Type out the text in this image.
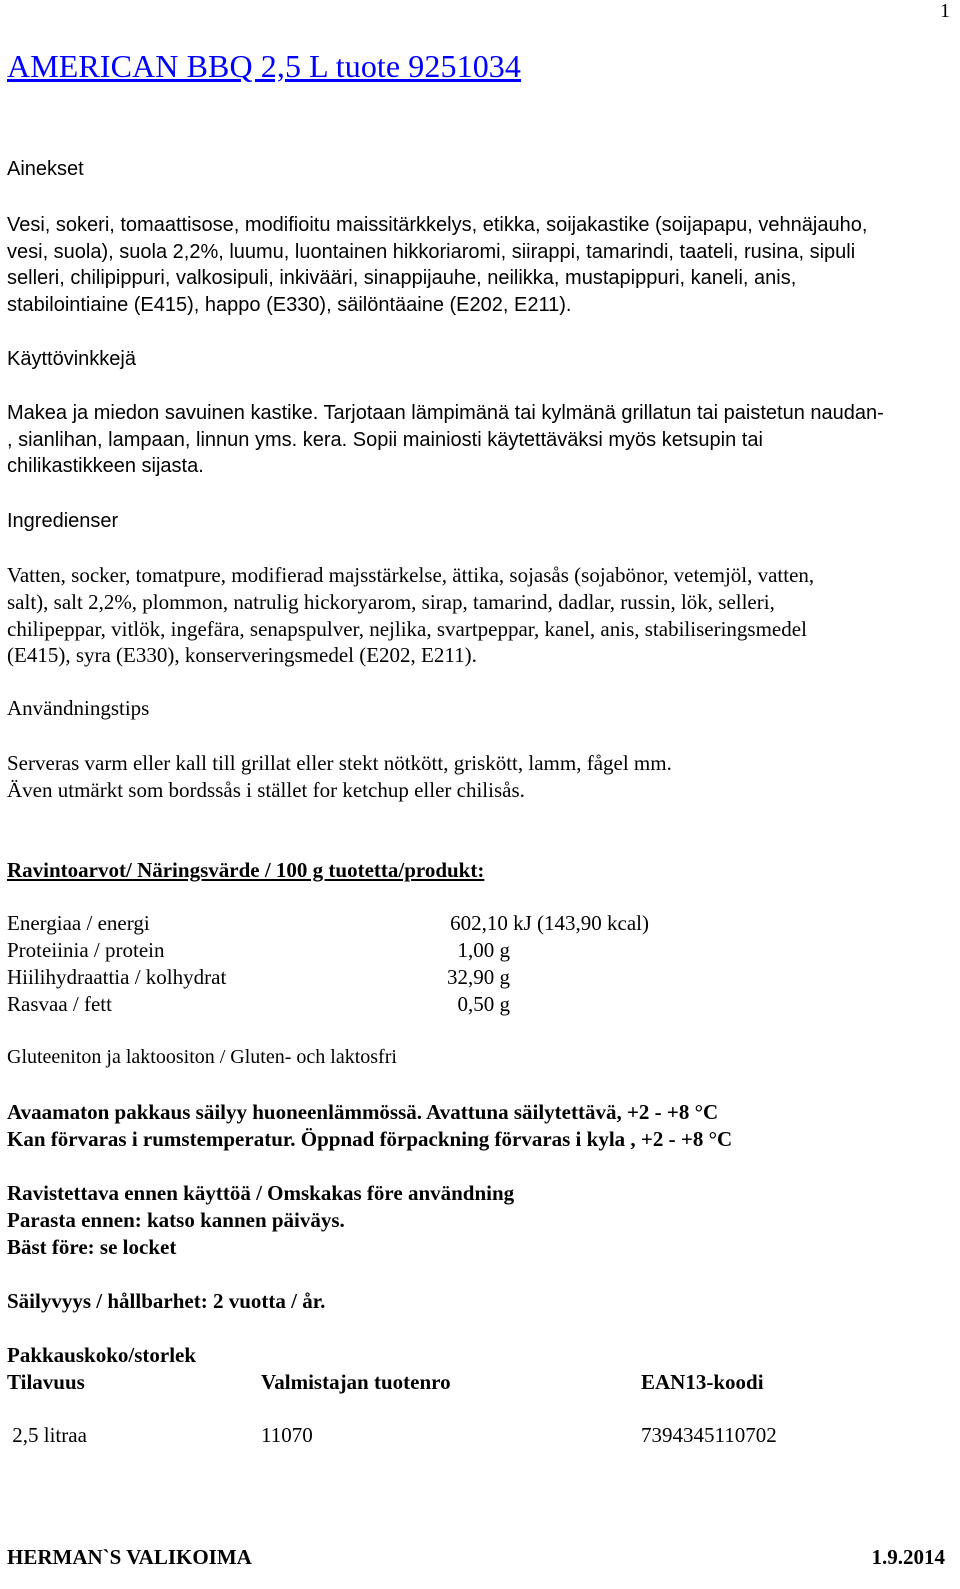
1
AMERICAN BBQ 2,5 L tuote 9251034
Ainekset
Vesi, sokeri, tomaattisose, modifioitu maissitärkkelys, etikka, soijakastike (soijapapu, vehnäjauho,
vesi, suola), suola 2,2%, luumu, luontainen hikkoriaromi, siirappi, tamarindi, taateli, rusina, sipuli
selleri, chilipippuri, valkosipuli, inkivääri, sinappijauhe, neilikka, mustapippuri, kaneli, anis,
stabilointiaine (E415), happo (E330), säilöntäaine (E202, E211).
Käyttövinkkejä
Makea ja miedon savuinen kastike. Tarjotaan lämpimänä tai kylmänä grillatun tai paistetun naudan-
, sianlihan, lampaan, linnun yms. kera. Sopii mainiosti käytettäväksi myös ketsupin tai
chilikastikkeen sijasta.
Ingredienser
Vatten, socker, tomatpure, modifierad majsstärkelse, ättika, sojasås (sojabönor, vetemjöl, vatten,
salt), salt 2,2%, plommon, natrulig hickoryarom, sirap, tamarind, dadlar, russin, lök, selleri,
chilipeppar, vitlök, ingefära, senapspulver, nejlika, svartpeppar, kanel, anis, stabiliseringsmedel
(E415), syra (E330), konserveringsmedel (E202, E211).
Användningstips
Serveras varm eller kall till grillat eller stekt nötkött, griskött, lamm, fågel mm.
Även utmärkt som bordssås i stället for ketchup eller chilisås.
Ravintoarvot/ Näringsvärde / 100 g tuotetta/produkt:
Energiaa / energi	602,10 kJ (143,90 kcal)
Proteiinia / protein	1,00 g
Hiilihydraattia / kolhydrat	32,90 g
Rasvaa / fett	0,50 g
Gluteeniton ja laktoositon / Gluten- och laktosfri
Avaamaton pakkaus säilyy huoneenlämmössä. Avattuna säilytettävä, +2 - +8 °C
Kan förvaras i rumstemperatur. Öppnad förpackning förvaras i kyla , +2 - +8 °C
Ravistettava ennen käyttöä / Omskakas före användning
Parasta ennen: katso kannen päiväys.
Bäst före: se locket
Säilyvyys / hållbarhet: 2 vuotta / år.
Pakkauskoko/storlek
Tilavuus	Valmistajan tuotenro	EAN13-koodi
2,5 litraa	11070	7394345110702
HERMAN`S VALIKOIMA	1.9.2014
